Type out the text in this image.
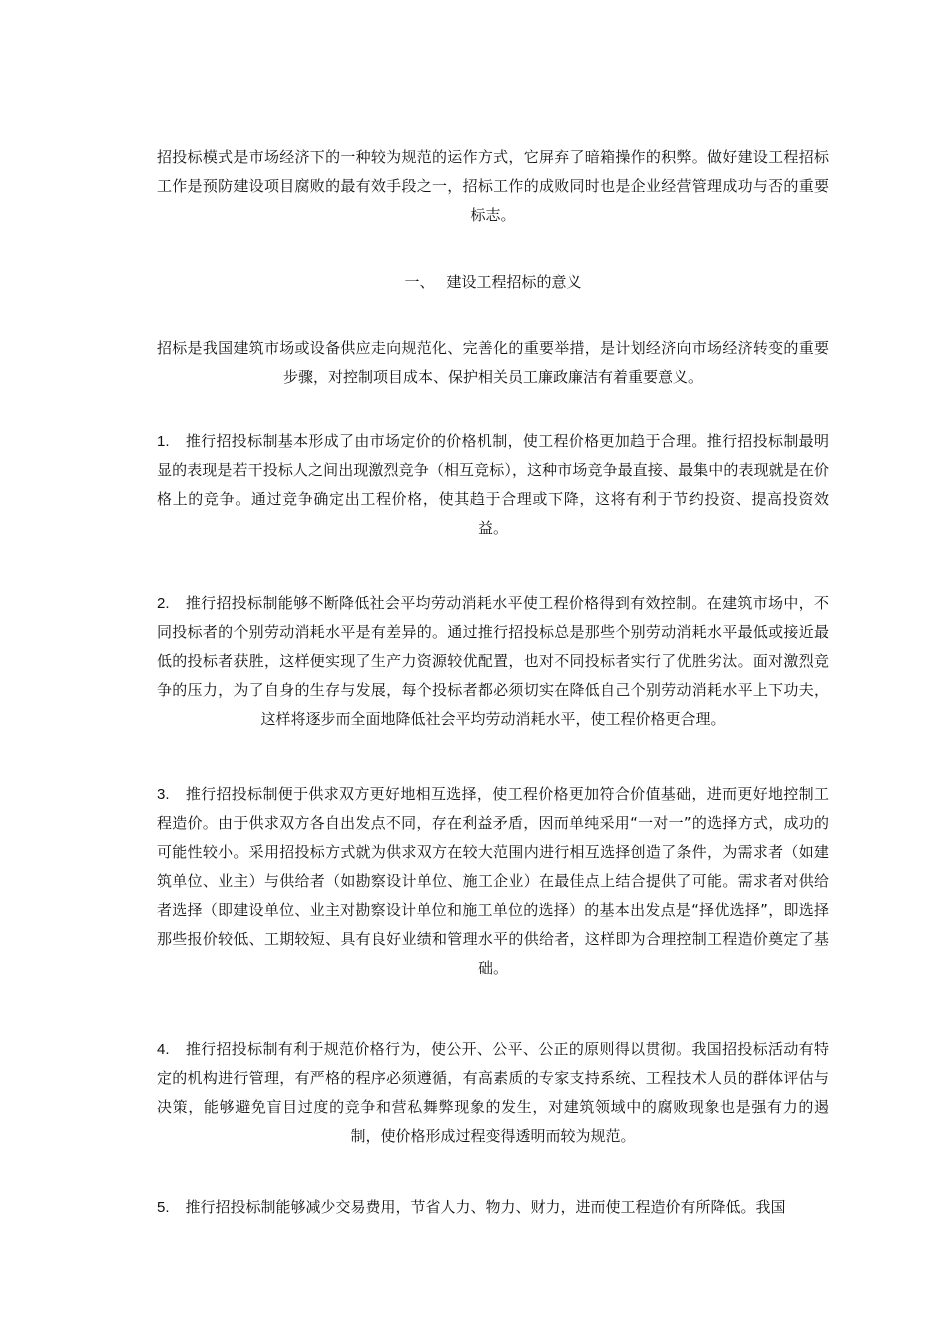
招投标模式是市场经济下的一种较为规范的运作方式，它屏弃了暗箱操作的积弊。做好建设工程招标工作是预防建设项目腐败的最有效手段之一，招标工作的成败同时也是企业经营管理成功与否的重要标志。

一、 建设工程招标的意义

招标是我国建筑市场或设备供应走向规范化、完善化的重要举措，是计划经济向市场经济转变的重要步骤，对控制项目成本、保护相关员工廉政廉洁有着重要意义。

1. 推行招投标制基本形成了由市场定价的价格机制，使工程价格更加趋于合理。推行招投标制最明显的表现是若干投标人之间出现激烈竞争（相互竞标），这种市场竞争最直接、最集中的表现就是在价格上的竞争。通过竞争确定出工程价格，使其趋于合理或下降，这将有利于节约投资、提高投资效益。

2. 推行招投标制能够不断降低社会平均劳动消耗水平使工程价格得到有效控制。在建筑市场中，不同投标者的个别劳动消耗水平是有差异的。通过推行招投标总是那些个别劳动消耗水平最低或接近最低的投标者获胜，这样便实现了生产力资源较优配置，也对不同投标者实行了优胜劣汰。面对激烈竞争的压力，为了自身的生存与发展，每个投标者都必须切实在降低自己个别劳动消耗水平上下功夫，这样将逐步而全面地降低社会平均劳动消耗水平，使工程价格更合理。

3. 推行招投标制便于供求双方更好地相互选择，使工程价格更加符合价值基础，进而更好地控制工程造价。由于供求双方各自出发点不同，存在利益矛盾，因而单纯采用“一对一”的选择方式，成功的可能性较小。采用招投标方式就为供求双方在较大范围内进行相互选择创造了条件，为需求者（如建筑单位、业主）与供给者（如勘察设计单位、施工企业）在最佳点上结合提供了可能。需求者对供给者选择（即建设单位、业主对勘察设计单位和施工单位的选择）的基本出发点是“择优选择”，即选择那些报价较低、工期较短、具有良好业绩和管理水平的供给者，这样即为合理控制工程造价奠定了基础。

4. 推行招投标制有利于规范价格行为，使公开、公平、公正的原则得以贯彻。我国招投标活动有特定的机构进行管理，有严格的程序必须遵循，有高素质的专家支持系统、工程技术人员的群体评估与决策，能够避免盲目过度的竞争和营私舞弊现象的发生，对建筑领域中的腐败现象也是强有力的遏制，使价格形成过程变得透明而较为规范。

5. 推行招投标制能够减少交易费用，节省人力、物力、财力，进而使工程造价有所降低。我国
